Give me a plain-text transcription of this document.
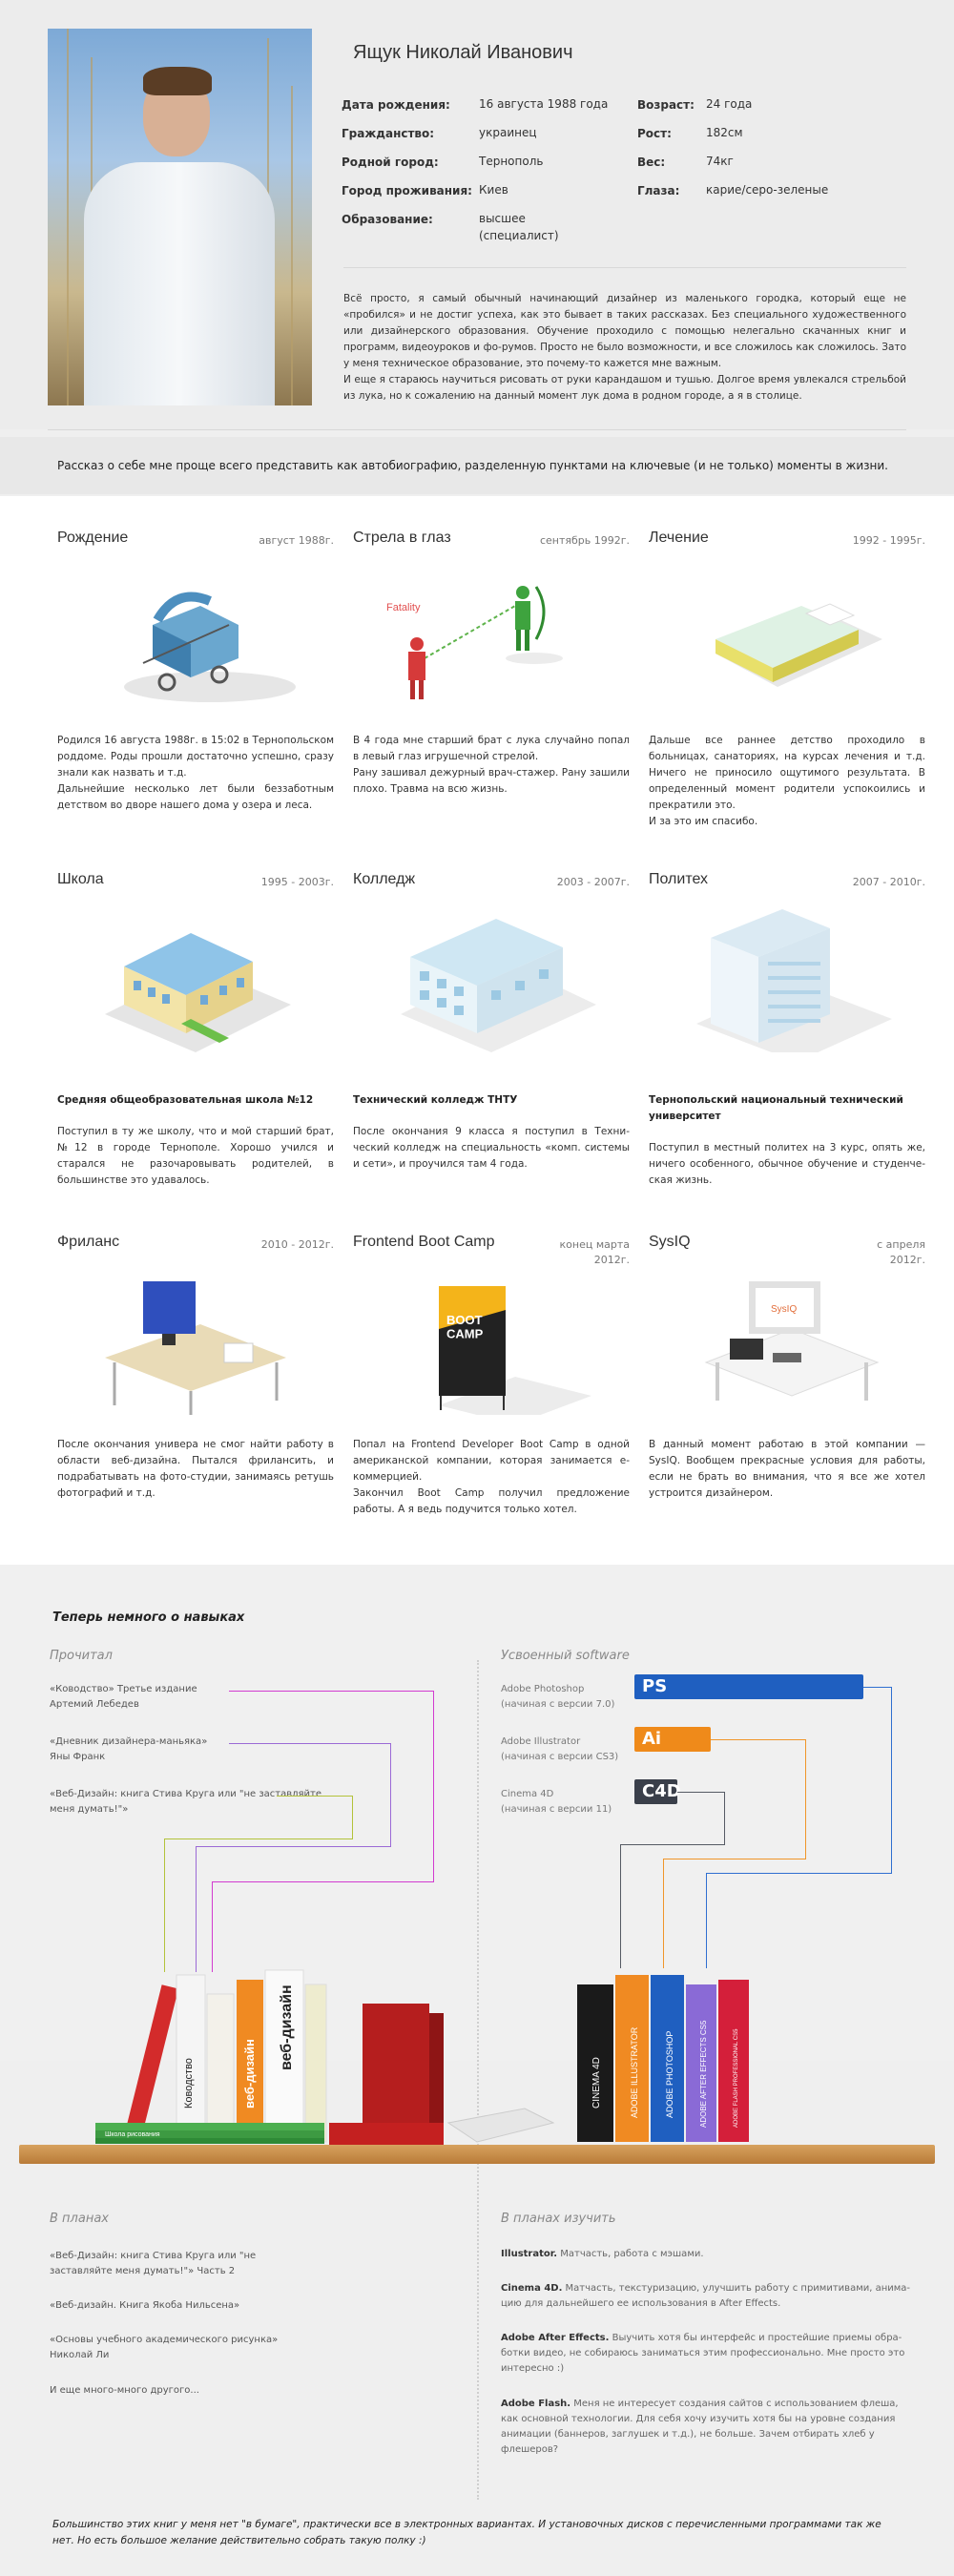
Ящук Николай Иванович
Дата рождения:	16 августа 1988 года
Гражданство:	украинец
Родной город:	Тернополь
Город проживания: Киев
Образование:	высшее
(специалист)
Возраст: 24 года
Рост:	182см
Вес:	74кг
Глаза: карие/серо-зеленые
Всё просто, я самый обычный начинающий дизайнер из маленького городка, который еще не «пробился» и не достиг успеха, как это бывает в таких рассказах. Без специального художественного или дизайнерского образования. Обучение проходило с помощью нелегально скачанных книг и программ, видеоуроков и фо-румов. Просто не было возможности, и все сложилось как сложилось. Зато у меня техническое образование, это почему-то кажется мне важным.
И еще я стараюсь научиться рисовать от руки карандашом и тушью. Долгое время увлекался стрельбой из лука, но к сожалению на данный момент лук дома в родном городе, а я в столице.
Рассказ о себе мне проще всего представить как автобиографию, разделенную пунктами на ключевые (и не только) моменты в жизни.
Рождение	август 1988г.
Родился 16 августа 1988г. в 15:02 в Тернопольском роддоме. Роды прошли достаточно успешно, сразу знали как назвать и т.д.
Дальнейшие несколько лет были беззаботным детством во дворе нашего дома у озера и леса.
Стрела в глаз	сентябрь 1992г.
Fatality
В 4 года мне старший брат с лука случайно попал в левый глаз игрушечной стрелой.
Рану зашивал дежурный врач-стажер. Рану зашили плохо. Травма на всю жизнь.
Лечение	1992 - 1995г.
Дальше все раннее детство проходило в больницах, санаториях, на курсах лечения и т.д. Ничего не приносило ощутимого результата. В определенный момент родители успокоились и прекратили это.
И за это им спасибо.
Школа	1995 - 2003г.
Средняя общеобразовательная школа №12
Поступил в ту же школу, что и мой старший брат, №12 в городе Тернополе. Хорошо учился и старался не разочаровывать родителей, в большинстве это удавалось.
Колледж	2003 - 2007г.
Технический колледж ТНТУ
После окончания 9 класса я поступил в Техни-ческий колледж на специальность «комп. системы и сети», и проучился там 4 года.
Политех	2007 - 2010г.
Тернопольский национальный технический университет
Поступил в местный политех на 3 курс, опять же, ничего особенного, обычное обучение и студенче-ская жизнь.
Фриланс	2010 - 2012г.
После окончания универа не смог найти работу в области веб-дизайна. Пытался фрилансить, и подрабатывать на фото-студии, занимаясь ретушь фотографий и т.д.
Frontend Boot Camp	конец марта
2012г.
BOOT CAMP
Попал на Frontend Developer Boot Camp в одной американской компании, которая занимается е-коммерцией.
Закончил Boot Camp получил предложение работы. А я ведь подучится только хотел.
SysIQ	с апреля
2012г.
SysIQ
В данный момент работаю в этой компании — SysIQ. Вообщем прекрасные условия для работы, если не брать во внимания, что я все же хотел устроится дизайнером.
Теперь немного о навыках
Прочитал
«Ководство» Третье издание
Артемий Лебедев
«Дневник дизайнера-маньяка»
Яны Франк
«Веб-Дизайн: книга Стива Круга или "не заставляйте
меня думать!"»
Усвоенный software
Adobe Photoshop
(начиная с версии 7.0)
Adobe Illustrator
(начиная с версии CS3)
Cinema 4D
(начиная с версии 11)
PS
Ai
C4D
Ководство	веб-дизайн
веб-дизайн
Школа рисования
CINEMA 4D	ADOBE ILLUSTRATOR	ADOBE PHOTOSHOP	ADOBE AFTER EFFECTS CS5	ADOBE FLASH PROFESSIONAL CS5
В планах
«Веб-Дизайн: книга Стива Круга или "не
заставляйте меня думать!"» Часть 2
«Веб-дизайн. Книга Якоба Нильсена»
«Основы учебного академического рисунка»
Николай Ли
И еще много-много другого...
В планах изучить
Illustrator. Матчасть, работа с мэшами.
Cinema 4D. Матчасть, текстуризацию, улучшить работу с примитивами, анима-цию для дальнейшего ее использования в After Effects.
Adobe After Effects. Выучить хотя бы интерфейс и простейшие приемы обра-ботки видео, не собираюсь заниматься этим профессионально. Мне просто это интересно :)
Adobe Flash. Меня не интересует создания сайтов с использованием флеша, как основной технологии. Для себя хочу изучить хотя бы на уровне создания анимации (баннеров, заглушек и т.д.), не больше. Зачем отбирать хлеб у флешеров?
Большинство этих книг у меня нет "в бумаге", практически все в электронных вариантах. И установочных дисков с перечисленными программами так же нет. Но есть большое желание действительно собрать такую полку :)
